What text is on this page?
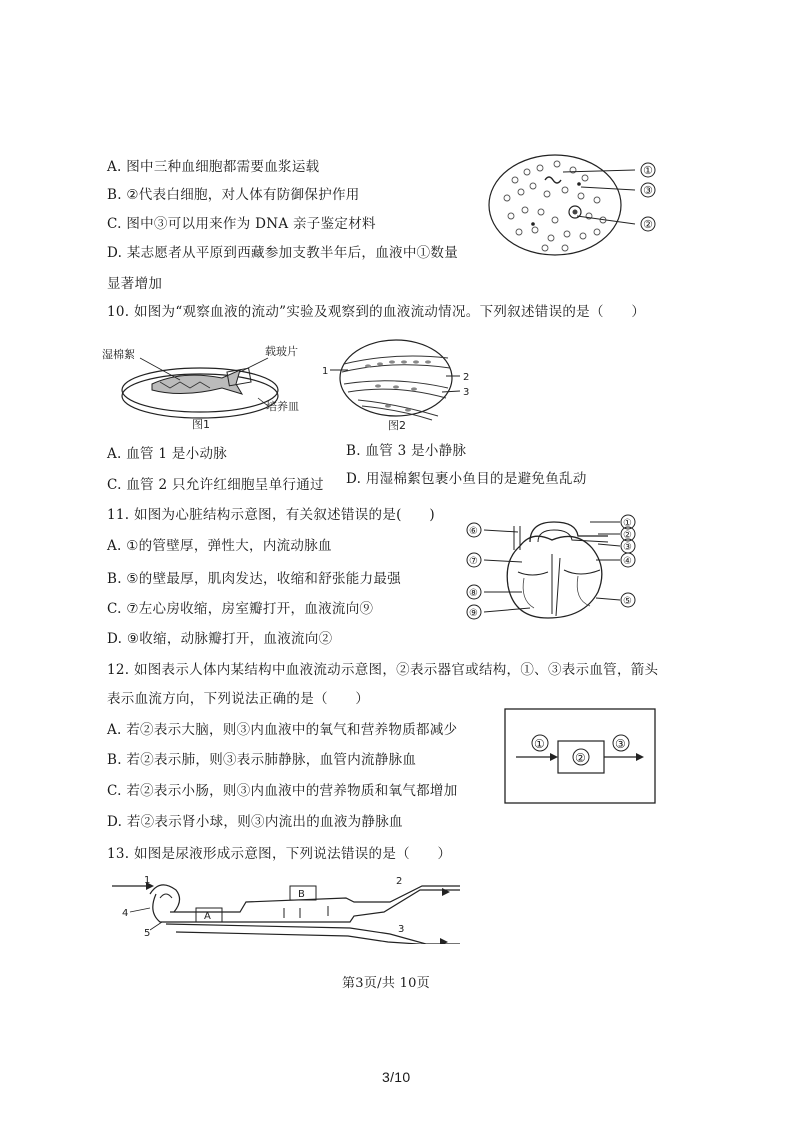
A. 图中三种血细胞都需要血浆运载
B. ②代表白细胞，对人体有防御保护作用
C. 图中③可以用来作为 DNA 亲子鉴定材料
D. 某志愿者从平原到西藏参加支教半年后，血液中①数量
显著增加
①
③
②
10. 如图为“观察血液的流动”实验及观察到的血液流动情况。下列叙述错误的是（　　）
湿棉絮	载玻片
培养皿
图1
1
2
3
图2
A. 血管 1 是小动脉	B. 血管 3 是小静脉
C. 血管 2 只允许红细胞呈单行通过 D. 用湿棉絮包裹小鱼目的是避免鱼乱动
11. 如图为心脏结构示意图，有关叙述错误的是(　　)
A. ①的管壁厚，弹性大，内流动脉血
B. ⑤的壁最厚，肌肉发达，收缩和舒张能力最强
C. ⑦左心房收缩，房室瓣打开，血液流向⑨
D. ⑨收缩，动脉瓣打开，血液流向②
⑥
⑦
⑧
⑨
①
②
③
④
⑤
12. 如图表示人体内某结构中血液流动示意图，②表示器官或结构，①、③表示血管，箭头
表示血流方向，下列说法正确的是（　　）
A. 若②表示大脑，则③内血液中的氧气和营养物质都减少
B. 若②表示肺，则③表示肺静脉，血管内流静脉血
C. 若②表示小肠，则③内血液中的营养物质和氧气都增加
D. 若②表示肾小球，则③内流出的血液为静脉血
①
②
③
13. 如图是尿液形成示意图，下列说法错误的是（　　）
1	2
3
4
5
A
B
第3页/共 10页
3/10
